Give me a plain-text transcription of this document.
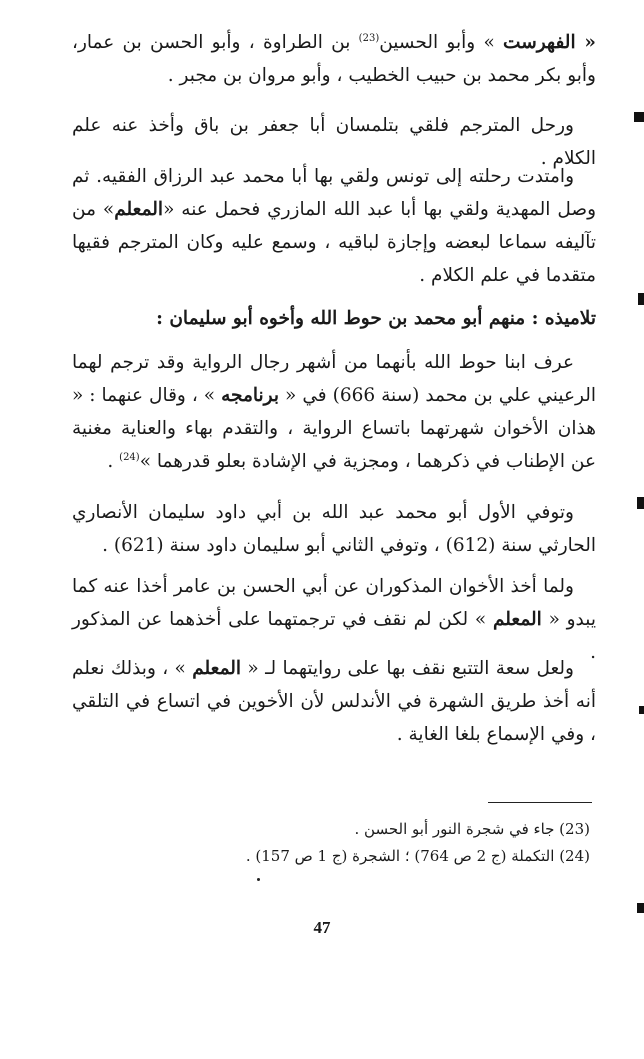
« الفهرست » وأبو الحسين$^{(23)}$ بن الطراوة ، وأبو الحسن بن عمار، وأبو بكر محمد بن حبيب الخطيب ، وأبو مروان بن مجبر .

ورحل المترجم فلقي بتلمسان أبا جعفر بن باق وأخذ عنه علم الكلام .

وامتدت رحلته إلى تونس ولقي بها أبا محمد عبد الرزاق الفقيه. ثم وصل المهدية ولقي بها أبا عبد الله المازري فحمل عنه «المعلم» من تآليفه سماعا لبعضه وإجازة لباقيه ، وسمع عليه وكان المترجم فقيها متقدما في علم الكلام .

تلاميذه : منهم أبو محمد بن حوط الله وأخوه أبو سليمان :

عرف ابنا حوط الله بأنهما من أشهر رجال الرواية وقد ترجم لهما الرعيني علي بن محمد (سنة 666) في « برنامجه » ، وقال عنهما : « هذان الأخوان شهرتهما باتساع الرواية ، والتقدم بهاء والعناية مغنية عن الإطناب في ذكرهما ، ومجزية في الإشادة بعلو قدرهما »$^{(24)}$ .

وتوفي الأول أبو محمد عبد الله بن أبي داود سليمان الأنصاري الحارثي سنة (612) ، وتوفي الثاني أبو سليمان داود سنة (621) .

ولما أخذ الأخوان المذكوران عن أبي الحسن بن عامر أخذا عنه كما يبدو « المعلم » لكن لم نقف في ترجمتهما على أخذهما عن المذكور .

ولعل سعة التتبع نقف بها على روايتهما لـ « المعلم » ، وبذلك نعلم أنه أخذ طريق الشهرة في الأندلس لأن الأخوين في اتساع في التلقي ، وفي الإسماع بلغا الغاية .

(23) جاء في شجرة النور أبو الحسن .

(24) التكملة (ج 2 ص 764) ؛ الشجرة (ج 1 ص 157) .

47
